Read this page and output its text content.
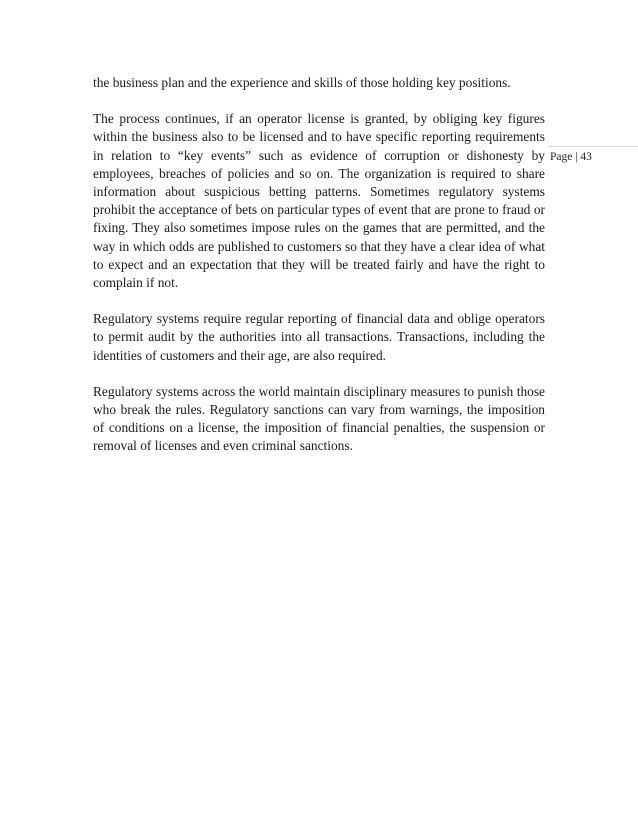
the business plan and the experience and skills of those holding key positions.

The process continues, if an operator license is granted, by obliging key figures within the business also to be licensed and to have specific reporting requirements in relation to “key events” such as evidence of corruption or dishonesty by employees, breaches of policies and so on. The organization is required to share information about suspicious betting patterns. Sometimes regulatory systems prohibit the acceptance of bets on particular types of event that are prone to fraud or fixing. They also sometimes impose rules on the games that are permitted, and the way in which odds are published to customers so that they have a clear idea of what to expect and an expectation that they will be treated fairly and have the right to complain if not.

Regulatory systems require regular reporting of financial data and oblige operators to permit audit by the authorities into all transactions. Transactions, including the identities of customers and their age, are also required.

Regulatory systems across the world maintain disciplinary measures to punish those who break the rules. Regulatory sanctions can vary from warnings, the imposition of conditions on a license, the imposition of financial penalties, the suspension or removal of licenses and even criminal sanctions.

Page | 43
